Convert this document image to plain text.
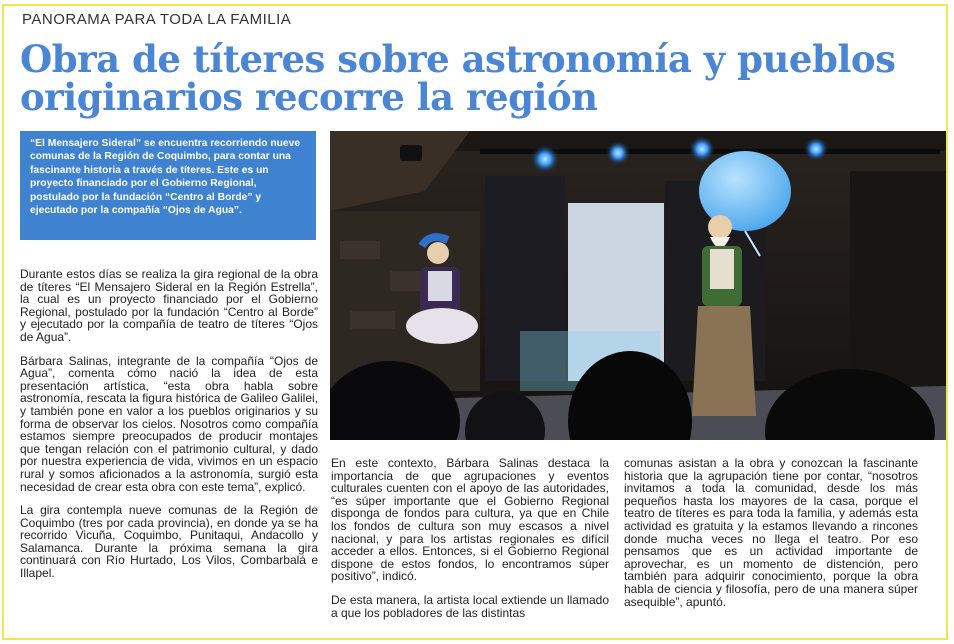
PANORAMA PARA TODA LA FAMILIA
Obra de títeres sobre astronomía y pueblos
originarios recorre la región
“El Mensajero Sideral” se encuentra recorriendo nueve comunas de la Región de Coquimbo, para contar una fascinante historia a través de títeres. Este es un proyecto financiado por el Gobierno Regional, postulado por la fundación “Centro al Borde” y ejecutado por la compañía “Ojos de Agua”.

Durante estos días se realiza la gira regional de la obra de títeres “El Mensajero Sideral en la Región Estrella”, la cual es un proyecto financiado por el Gobierno Regional, postulado por la fundación “Centro al Borde” y ejecutado por la compañía de teatro de títeres “Ojos de Agua”.

Bárbara Salinas, integrante de la compañía “Ojos de Agua”, comenta cómo nació la idea de esta presentación artística, “esta obra habla sobre astronomía, rescata la figura histórica de Galileo Galilei, y también pone en valor a los pueblos originarios y su forma de observar los cielos. Nosotros como compañía estamos siempre preocupados de producir montajes que tengan relación con el patrimonio cultural, y dado por nuestra experiencia de vida, vivimos en un espacio rural y somos aficionados a la astronomía, surgió esta necesidad de crear esta obra con este tema”, explicó.

La gira contempla nueve comunas de la Región de Coquimbo (tres por cada provincia), en donde ya se ha recorrido Vicuña, Coquimbo, Punitaqui, Andacollo y Salamanca. Durante la próxima semana la gira continuará con Río Hurtado, Los Vilos, Combarbalá e Illapel.

En este contexto, Bárbara Salinas destaca la importancia de que agrupaciones y eventos culturales cuenten con el apoyo de las autoridades, “es súper importante que el Gobierno Regional disponga de fondos para cultura, ya que en Chile los fondos de cultura son muy escasos a nivel nacional, y para los artistas regionales es difícil acceder a ellos. Entonces, si el Gobierno Regional dispone de estos fondos, lo encontramos súper positivo”, indicó.

De esta manera, la artista local extiende un llamado a que los pobladores de las distintas

comunas asistan a la obra y conozcan la fascinante historia que la agrupación tiene por contar, “nosotros invitamos a toda la comunidad, desde los más pequeños hasta los mayores de la casa, porque el teatro de títeres es para toda la familia, y además esta actividad es gratuita y la estamos llevando a rincones donde mucha veces no llega el teatro. Por eso pensamos que es un actividad importante de aprovechar, es un momento de distención, pero también para adquirir conocimiento, porque la obra habla de ciencia y filosofía, pero de una manera súper asequible”, apuntó.
